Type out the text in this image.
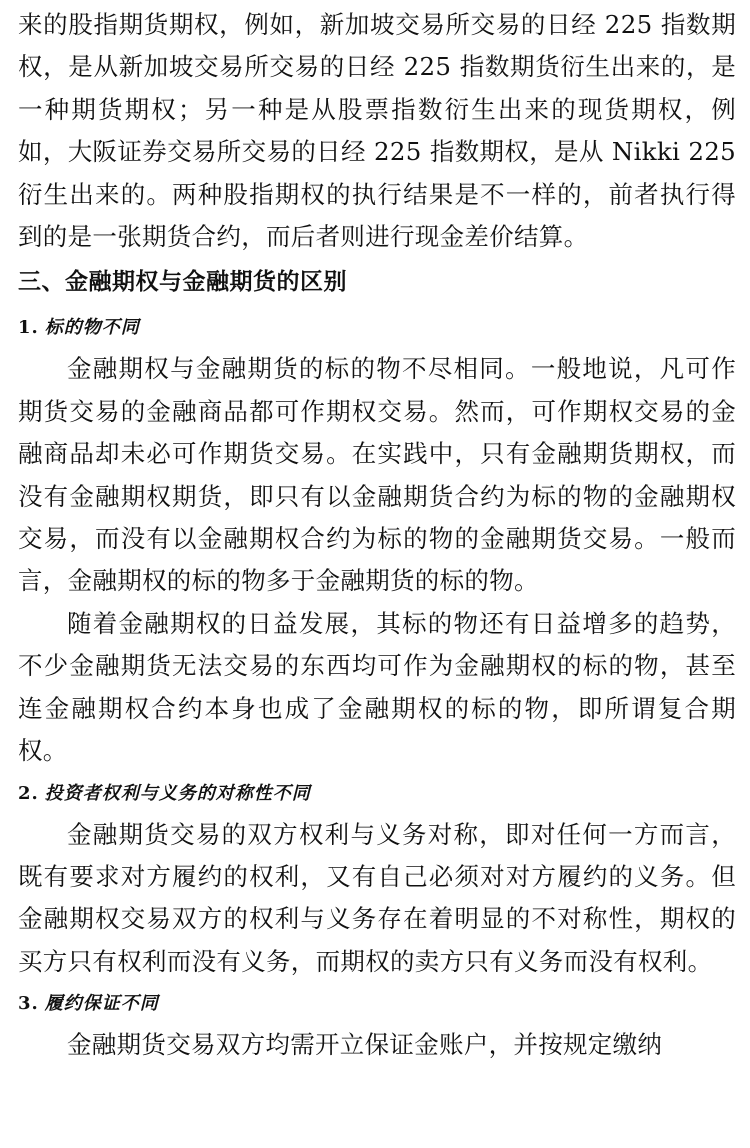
来的股指期货期权，例如，新加坡交易所交易的日经 225 指数期权，是从新加坡交易所交易的日经 225 指数期货衍生出来的，是一种期货期权；另一种是从股票指数衍生出来的现货期权，例如，大阪证券交易所交易的日经 225 指数期权，是从 Nikki 225 衍生出来的。两种股指期权的执行结果是不一样的，前者执行得到的是一张期货合约，而后者则进行现金差价结算。

三、金融期权与金融期货的区别
1. 标的物不同

金融期权与金融期货的标的物不尽相同。一般地说，凡可作期货交易的金融商品都可作期权交易。然而，可作期权交易的金融商品却未必可作期货交易。在实践中，只有金融期货期权，而没有金融期权期货，即只有以金融期货合约为标的物的金融期权交易，而没有以金融期权合约为标的物的金融期货交易。一般而言，金融期权的标的物多于金融期货的标的物。

随着金融期权的日益发展，其标的物还有日益增多的趋势，不少金融期货无法交易的东西均可作为金融期权的标的物，甚至连金融期权合约本身也成了金融期权的标的物，即所谓复合期权。

2. 投资者权利与义务的对称性不同

金融期货交易的双方权利与义务对称，即对任何一方而言，既有要求对方履约的权利，又有自己必须对对方履约的义务。但金融期权交易双方的权利与义务存在着明显的不对称性，期权的买方只有权利而没有义务，而期权的卖方只有义务而没有权利。

3. 履约保证不同

金融期货交易双方均需开立保证金账户，并按规定缴纳
